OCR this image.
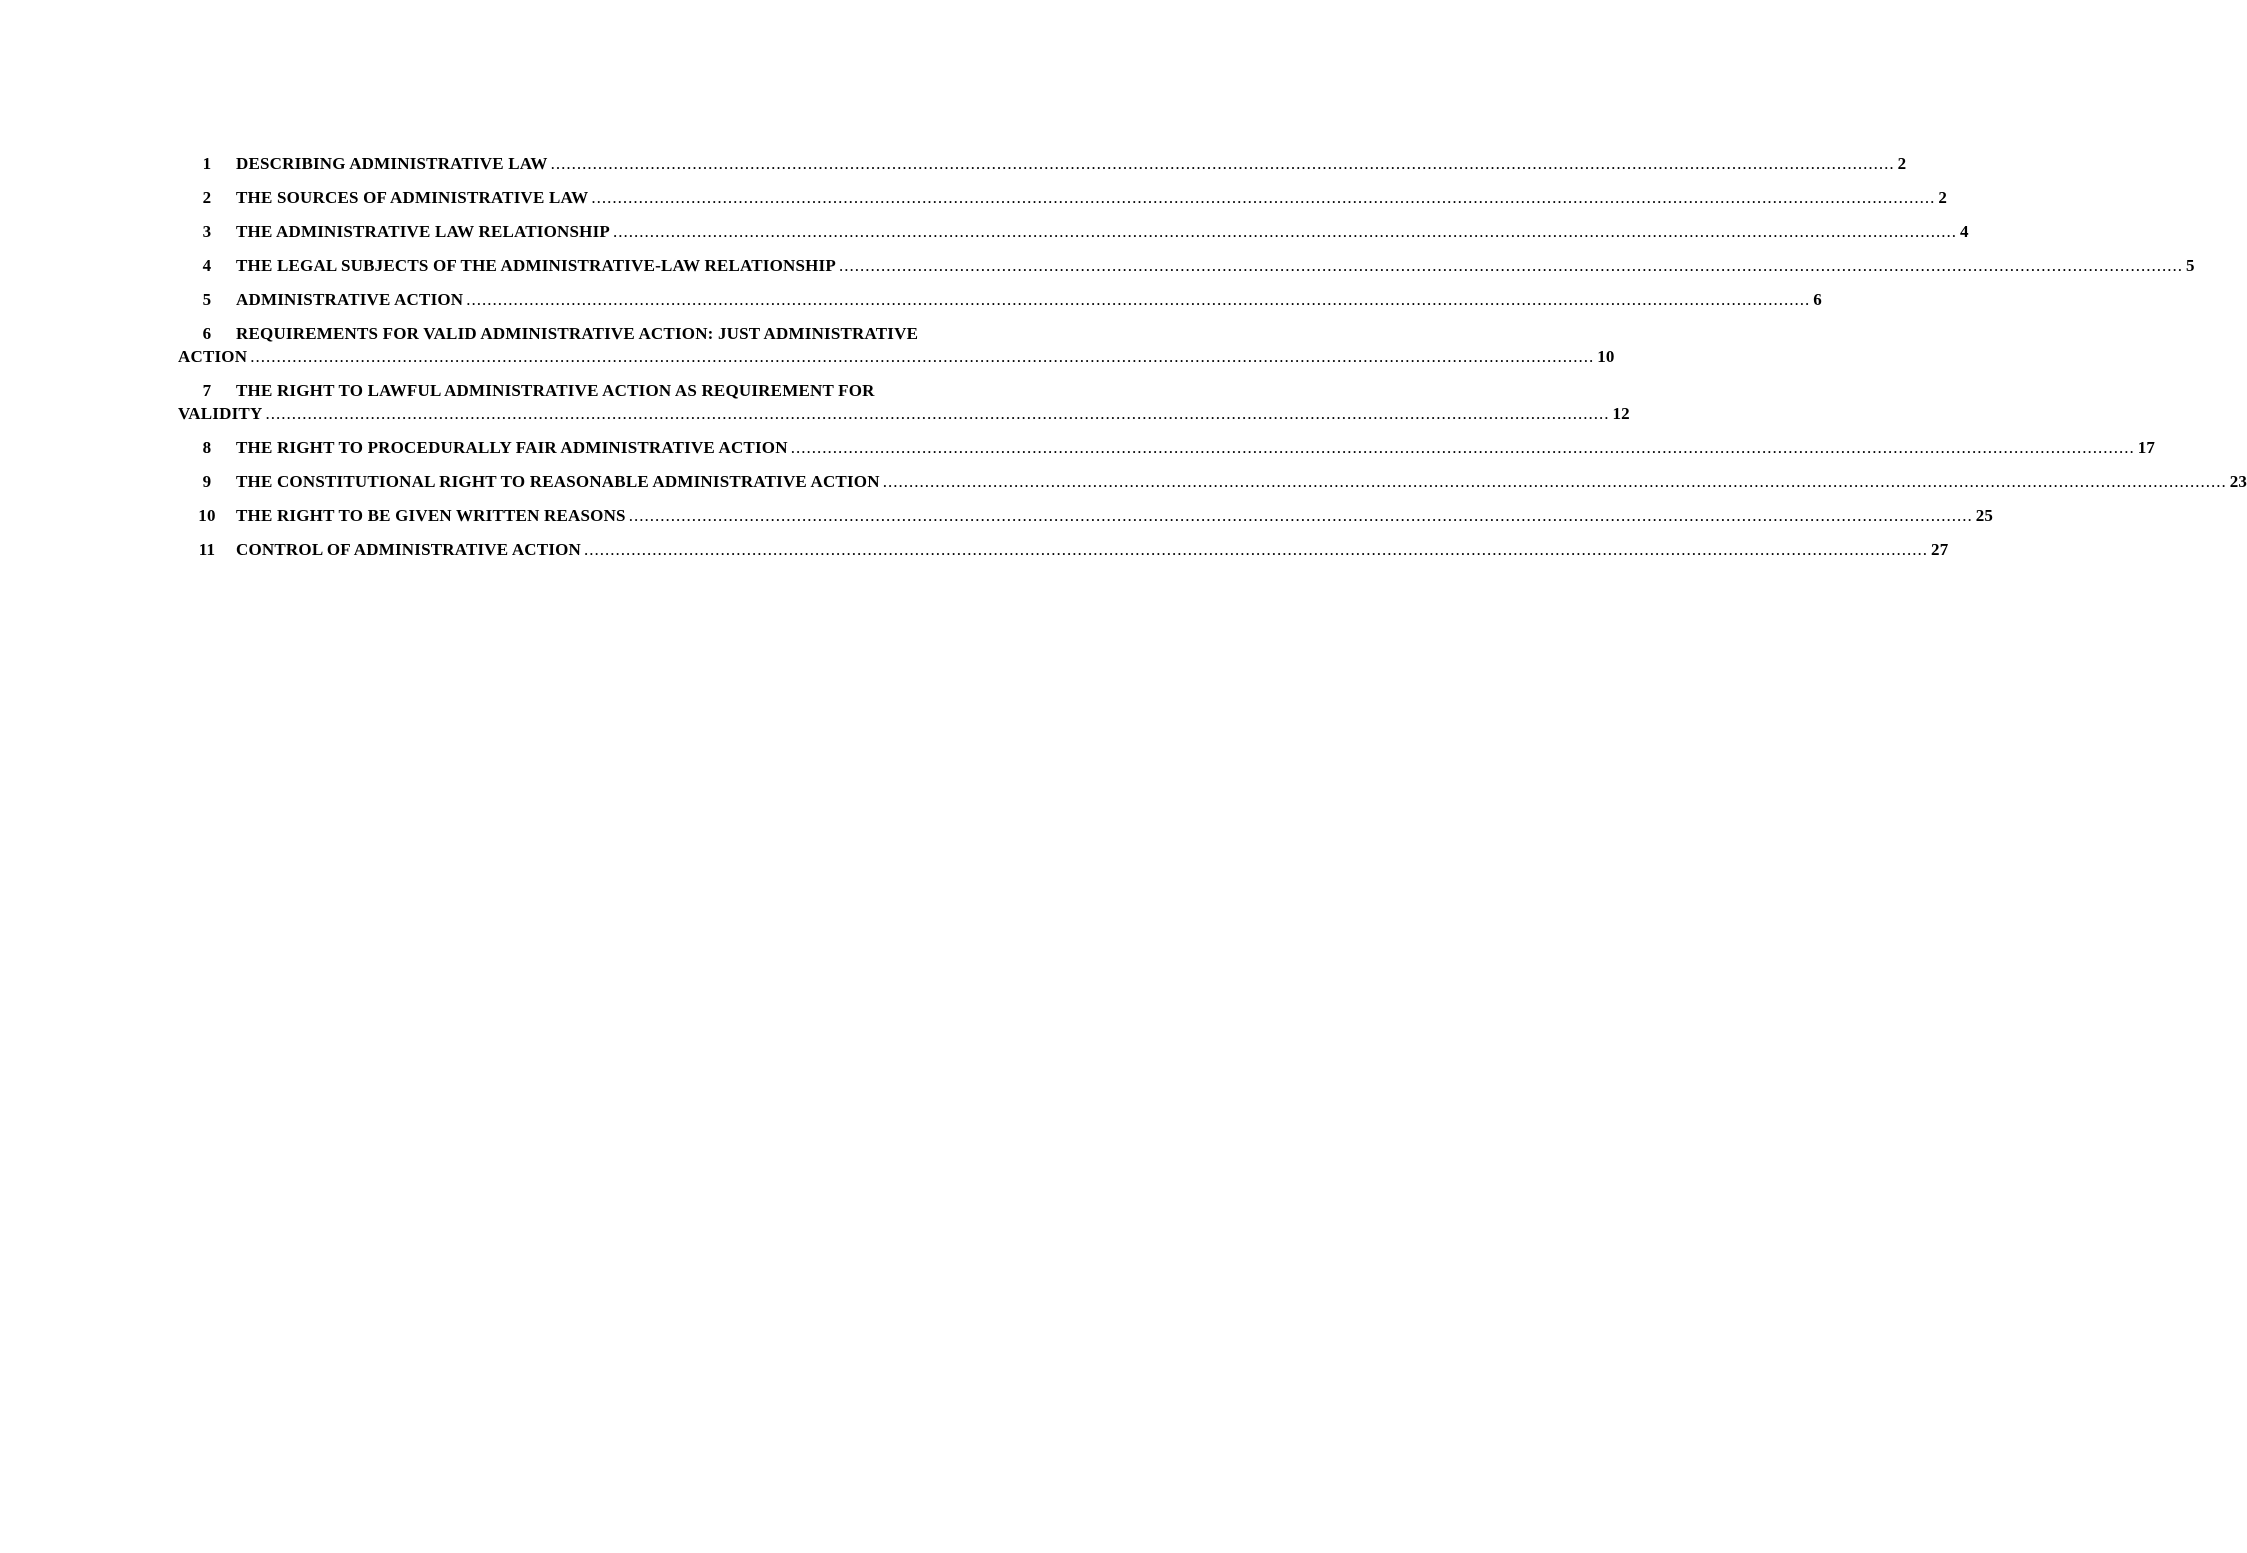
1	DESCRIBING ADMINISTRATIVE LAW .....	2
2	THE SOURCES OF ADMINISTRATIVE LAW .....	2
3	THE ADMINISTRATIVE LAW RELATIONSHIP .....	4
4	THE LEGAL SUBJECTS OF THE ADMINISTRATIVE-LAW RELATIONSHIP .....	5
5	ADMINISTRATIVE ACTION .....	6
6	REQUIREMENTS FOR VALID ADMINISTRATIVE ACTION: JUST ADMINISTRATIVE
ACTION .....	10
7	THE RIGHT TO LAWFUL ADMINISTRATIVE ACTION AS REQUIREMENT FOR
VALIDITY .....	12
8	THE RIGHT TO PROCEDURALLY FAIR ADMINISTRATIVE ACTION .....	17
9	THE CONSTITUTIONAL RIGHT TO REASONABLE ADMINISTRATIVE ACTION .....	23
10	THE RIGHT TO BE GIVEN WRITTEN REASONS .....	25
11	CONTROL OF ADMINISTRATIVE ACTION .....	27
